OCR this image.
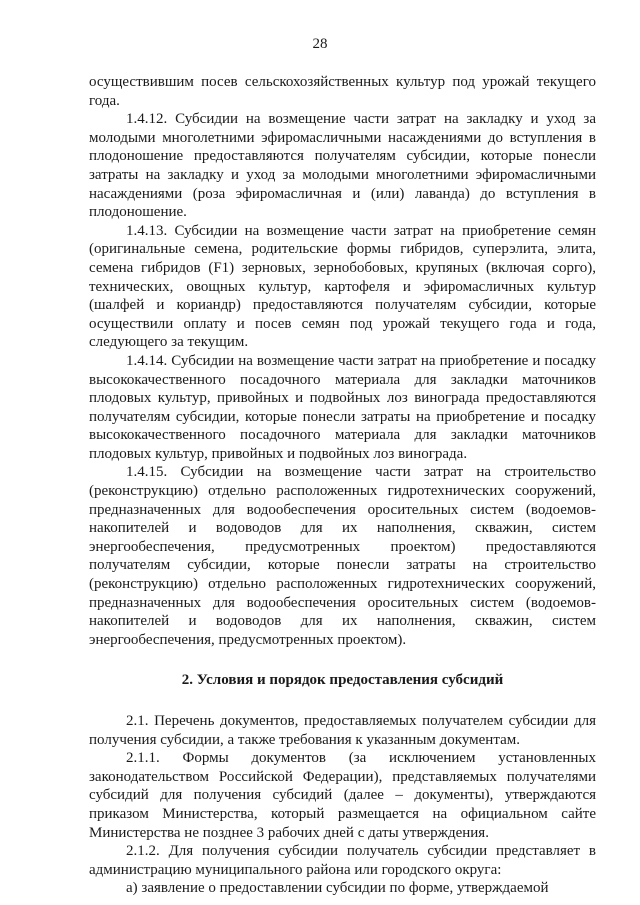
28

осуществившим посев сельскохозяйственных культур под урожай текущего года.

1.4.12. Субсидии на возмещение части затрат на закладку и уход за молодыми многолетними эфиромасличными насаждениями до вступления в плодоношение предоставляются получателям субсидии, которые понесли затраты на закладку и уход за молодыми многолетними эфиромасличными насаждениями (роза эфиромасличная и (или) лаванда) до вступления в плодоношение.

1.4.13. Субсидии на возмещение части затрат на приобретение семян (оригинальные семена, родительские формы гибридов, суперэлита, элита, семена гибридов (F1) зерновых, зернобобовых, крупяных (включая сорго), технических, овощных культур, картофеля и эфиромасличных культур (шалфей и кориандр) предоставляются получателям субсидии, которые осуществили оплату и посев семян под урожай текущего года и года, следующего за текущим.

1.4.14. Субсидии на возмещение части затрат на приобретение и посадку высококачественного посадочного материала для закладки маточников плодовых культур, привойных и подвойных лоз винограда предоставляются получателям субсидии, которые понесли затраты на приобретение и посадку высококачественного посадочного материала для закладки маточников плодовых культур, привойных и подвойных лоз винограда.

1.4.15. Субсидии на возмещение части затрат на строительство (реконструкцию) отдельно расположенных гидротехнических сооружений, предназначенных для водообеспечения оросительных систем (водоемов-накопителей и водоводов для их наполнения, скважин, систем энергообеспечения, предусмотренных проектом) предоставляются получателям субсидии, которые понесли затраты на строительство (реконструкцию) отдельно расположенных гидротехнических сооружений, предназначенных для водообеспечения оросительных систем (водоемов-накопителей и водоводов для их наполнения, скважин, систем энергообеспечения, предусмотренных проектом).

2. Условия и порядок предоставления субсидий

2.1. Перечень документов, предоставляемых получателем субсидии для получения субсидии, а также требования к указанным документам.

2.1.1. Формы документов (за исключением установленных законодательством Российской Федерации), представляемых получателями субсидий для получения субсидий (далее – документы), утверждаются приказом Министерства, который размещается на официальном сайте Министерства не позднее 3 рабочих дней с даты утверждения.

2.1.2. Для получения субсидии получатель субсидии представляет в администрацию муниципального района или городского округа:

а) заявление о предоставлении субсидии по форме, утверждаемой
